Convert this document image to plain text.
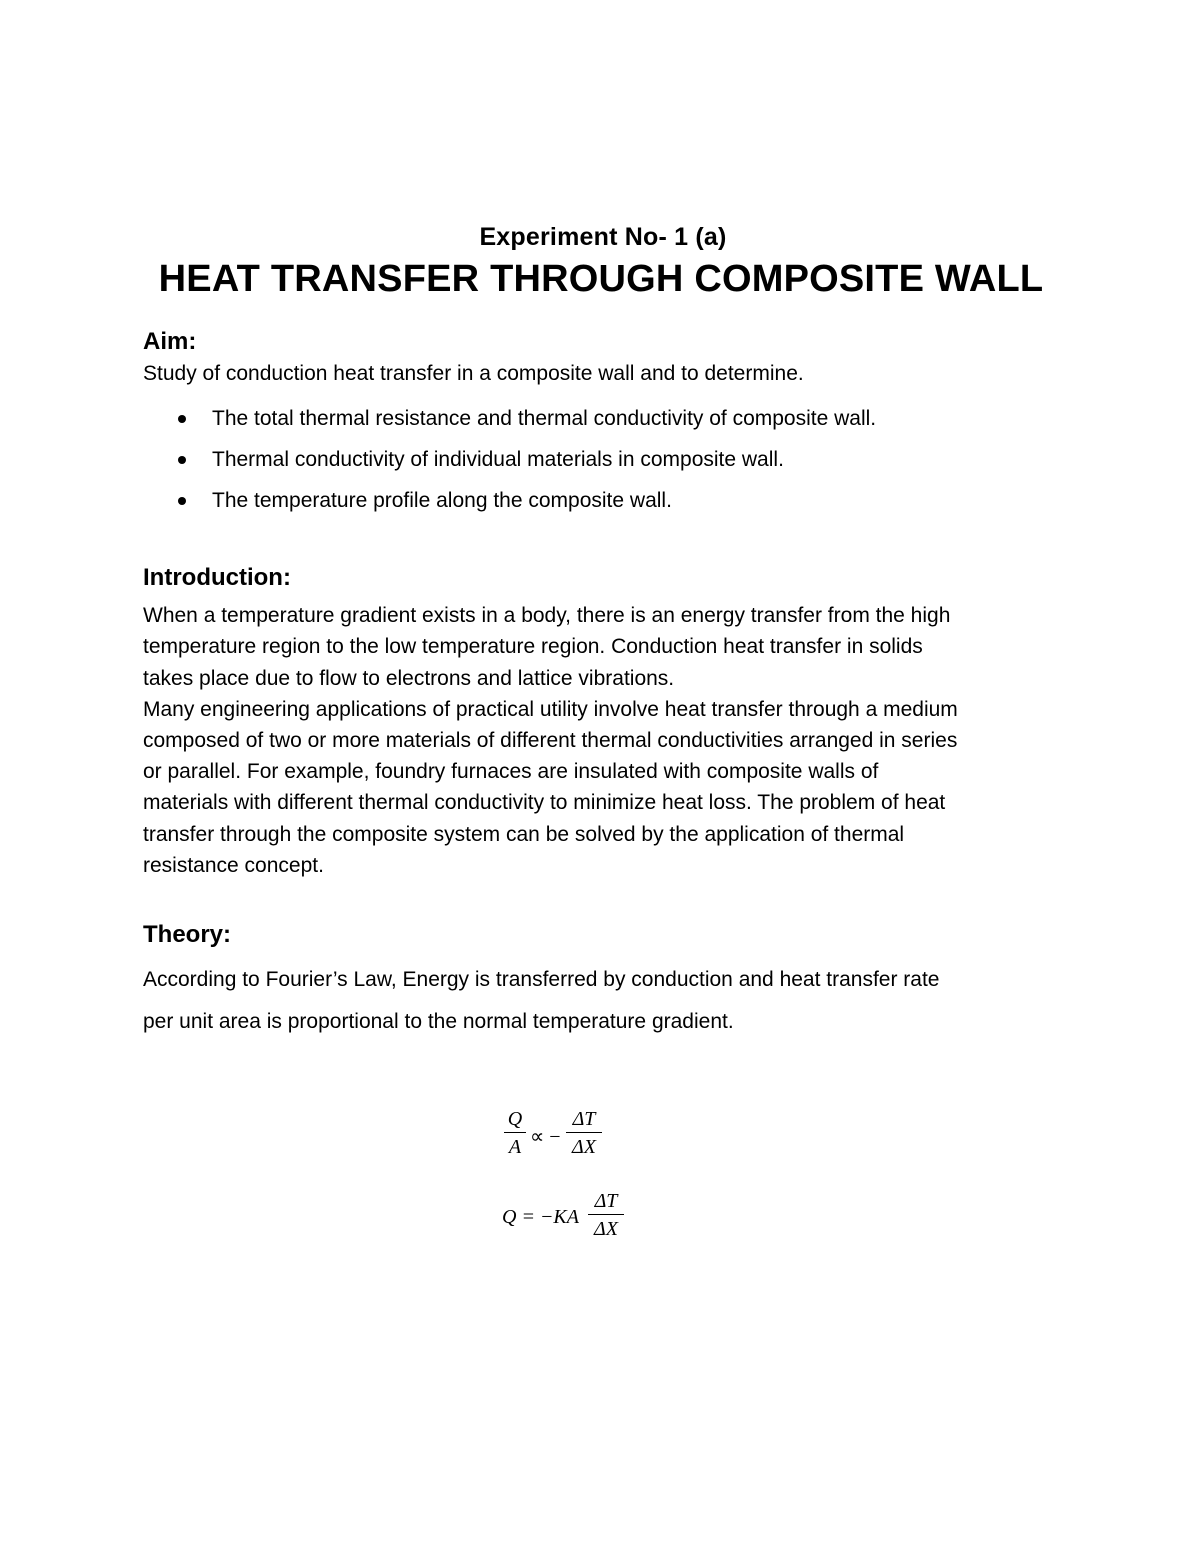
Experiment No- 1 (a)
HEAT TRANSFER THROUGH COMPOSITE WALL
Aim:

Study of conduction heat transfer in a composite wall and to determine.

The total thermal resistance and thermal conductivity of composite wall.
Thermal conductivity of individual materials in composite wall.
The temperature profile along the composite wall.
Introduction:
When a temperature gradient exists in a body, there is an energy transfer from the high
temperature region to the low temperature region. Conduction heat transfer in solids
takes place due to flow to electrons and lattice vibrations.
Many engineering applications of practical utility involve heat transfer through a medium
composed of two or more materials of different thermal conductivities arranged in series
or parallel. For example, foundry furnaces are insulated with composite walls of
materials with different thermal conductivity to minimize heat loss. The problem of heat
transfer through the composite system can be solved by the application of thermal
resistance concept.
Theory:
According to Fourier’s Law, Energy is transferred by conduction and heat transfer rate
per unit area is proportional to the normal temperature gradient.
Q
A ∝ −
ΔT
ΔX
Q = −KA
ΔT
ΔX
